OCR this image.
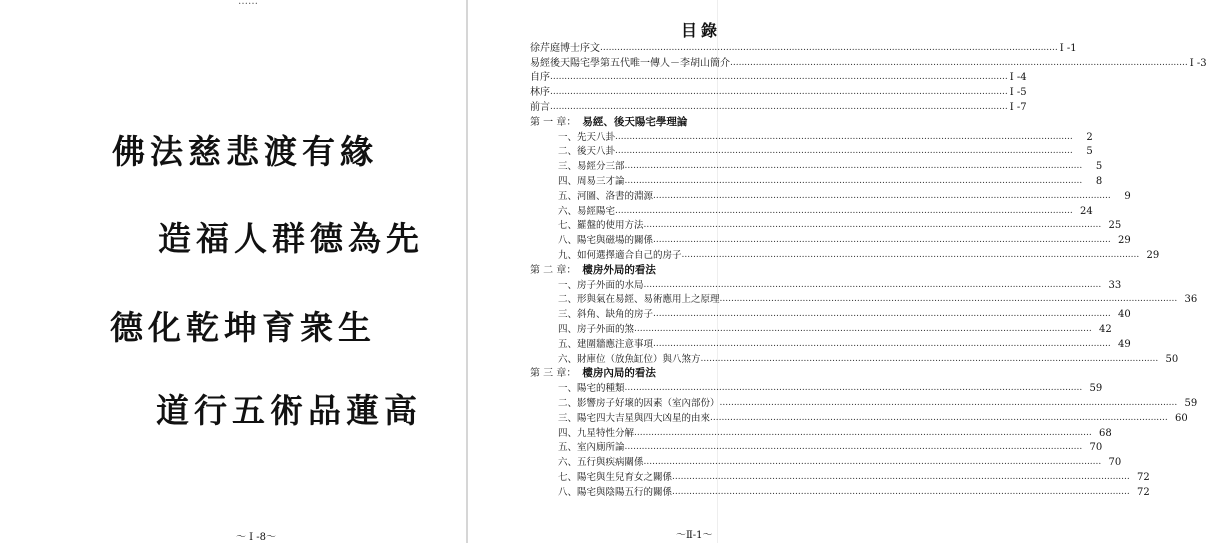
……
佛法慈悲渡有緣
造福人群德為先
德化乾坤育衆生
道行五術品蓮高
～ I -8～
目錄
徐芹庭博士序文 ................................................................................................................................................................ I -1
易經後天陽宅學第五代唯一傳人－李胡山簡介 ................................................................................................................................................................ I -3
自序 ................................................................................................................................................................ I -4
林序 ................................................................................................................................................................ I -5
前言 ................................................................................................................................................................ I -7
第 一 章： 易經、後天陽宅學理論
一、先天八卦 ................................................................................................................................................................	2
二、後天八卦 ................................................................................................................................................................	5
三、易經分三部 ................................................................................................................................................................	5
四、周易三才論 ................................................................................................................................................................	8
五、河圖、洛書的淵源 ................................................................................................................................................................	9
六、易經陽宅 ................................................................................................................................................................ 24
七、羅盤的使用方法 ................................................................................................................................................................ 25
八、陽宅與磁場的關係 ................................................................................................................................................................ 29
九、如何選擇適合自己的房子 ................................................................................................................................................................ 29
第 二 章： 樓房外局的看法
一、房子外面的水局 ................................................................................................................................................................ 33
二、形與氣在易經、易術應用上之原理 ................................................................................................................................................................ 36
三、斜角、缺角的房子 ................................................................................................................................................................ 40
四、房子外面的煞 ................................................................................................................................................................ 42
五、建圍牆應注意事項 ................................................................................................................................................................ 49
六、財庫位（放魚缸位）與八煞方 ................................................................................................................................................................ 50
第 三 章： 樓房內局的看法
一、陽宅的種類 ................................................................................................................................................................ 59
二、影響房子好壞的因素（室內部份） ................................................................................................................................................................ 59
三、陽宅四大吉星與四大凶星的由來 ................................................................................................................................................................ 60
四、九星特性分解 ................................................................................................................................................................ 68
五、室內廁所論 ................................................................................................................................................................ 70
六、五行與疾病關係 ................................................................................................................................................................ 70
七、陽宅與生兒育女之關係 ................................................................................................................................................................ 72
八、陽宅與陰陽五行的關係 ................................................................................................................................................................ 72
～Ⅱ-1～
